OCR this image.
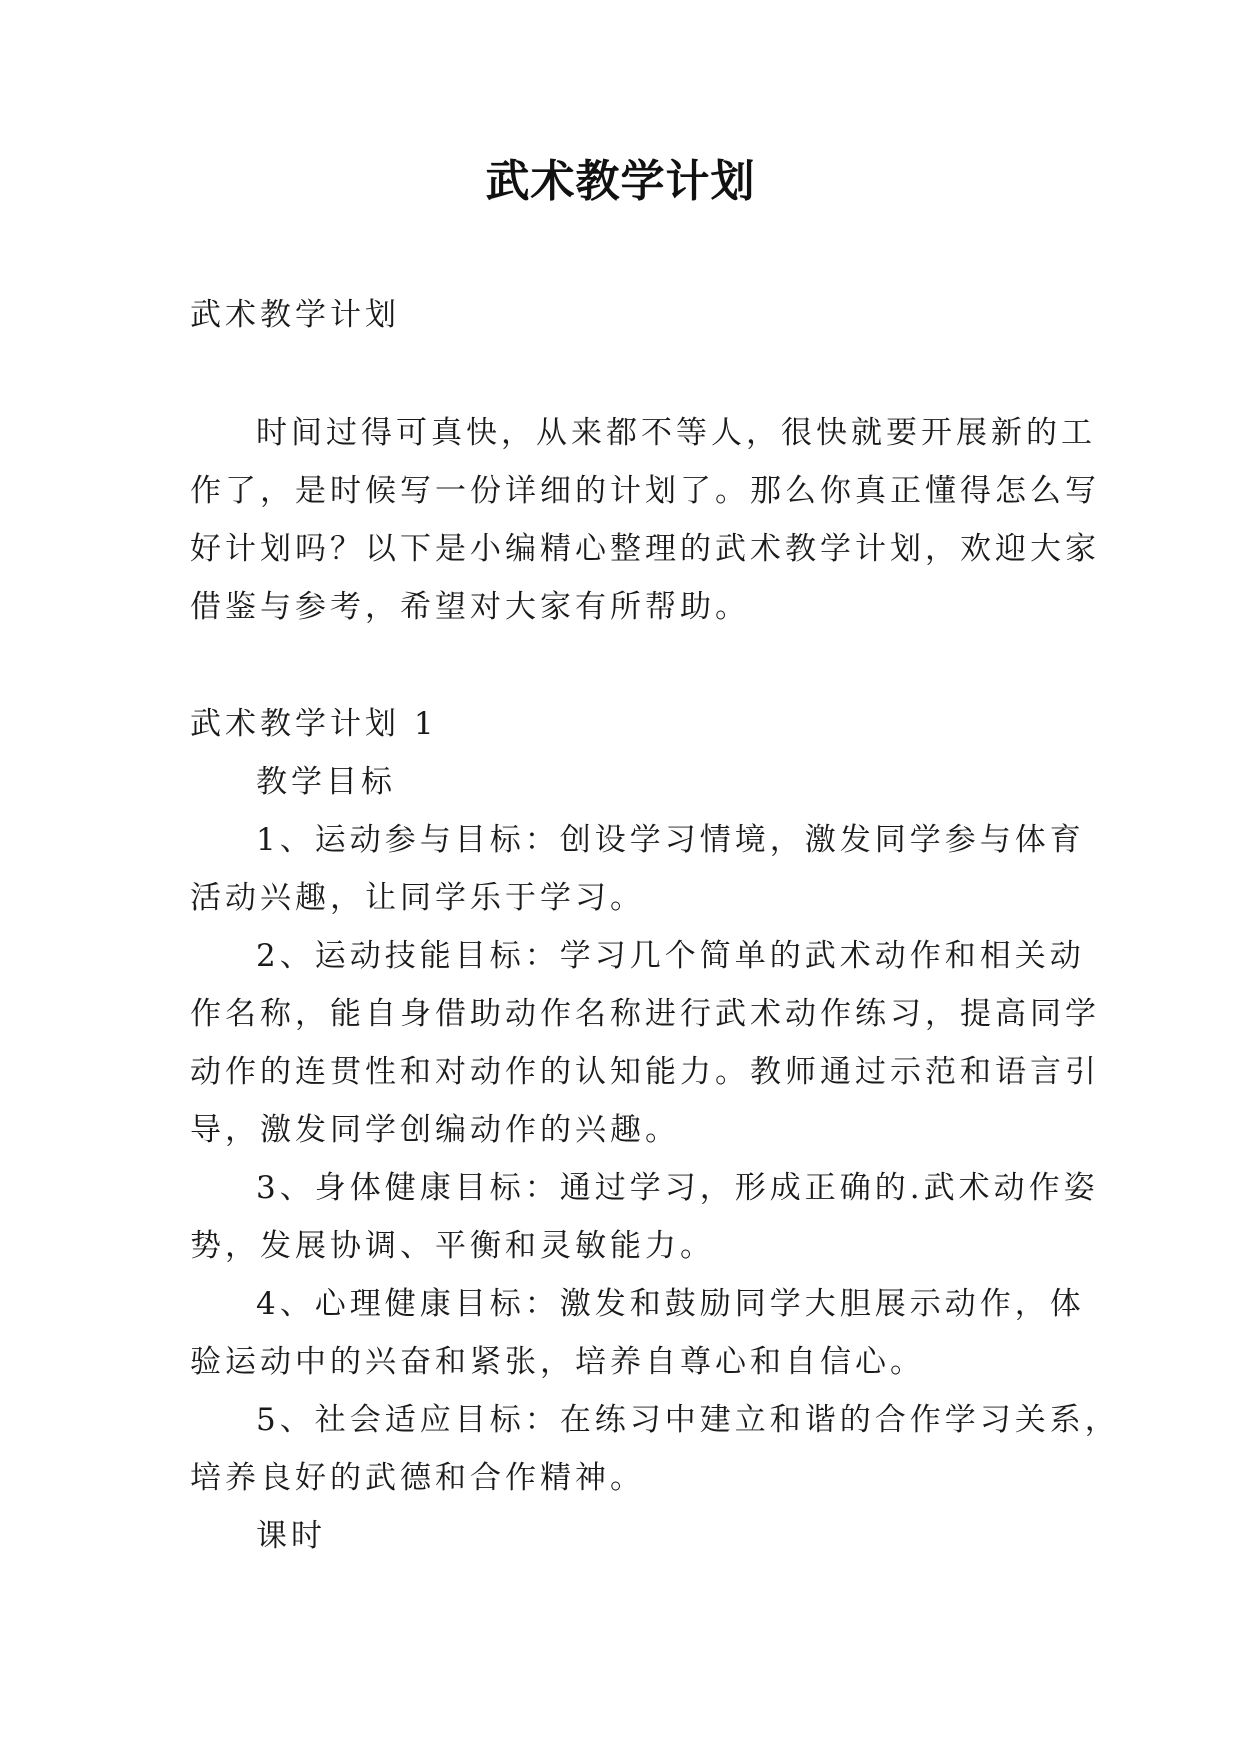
武术教学计划
武术教学计划
时间过得可真快，从来都不等人，很快就要开展新的工
作了，是时候写一份详细的计划了。那么你真正懂得怎么写
好计划吗？以下是小编精心整理的武术教学计划，欢迎大家
借鉴与参考，希望对大家有所帮助。
武术教学计划 1
教学目标
1、运动参与目标：创设学习情境，激发同学参与体育
活动兴趣，让同学乐于学习。
2、运动技能目标：学习几个简单的武术动作和相关动
作名称，能自身借助动作名称进行武术动作练习，提高同学
动作的连贯性和对动作的认知能力。教师通过示范和语言引
导，激发同学创编动作的兴趣。
3、身体健康目标：通过学习，形成正确的.武术动作姿
势，发展协调、平衡和灵敏能力。
4、心理健康目标：激发和鼓励同学大胆展示动作，体
验运动中的兴奋和紧张，培养自尊心和自信心。
5、社会适应目标：在练习中建立和谐的合作学习关系，
培养良好的武德和合作精神。
课时
